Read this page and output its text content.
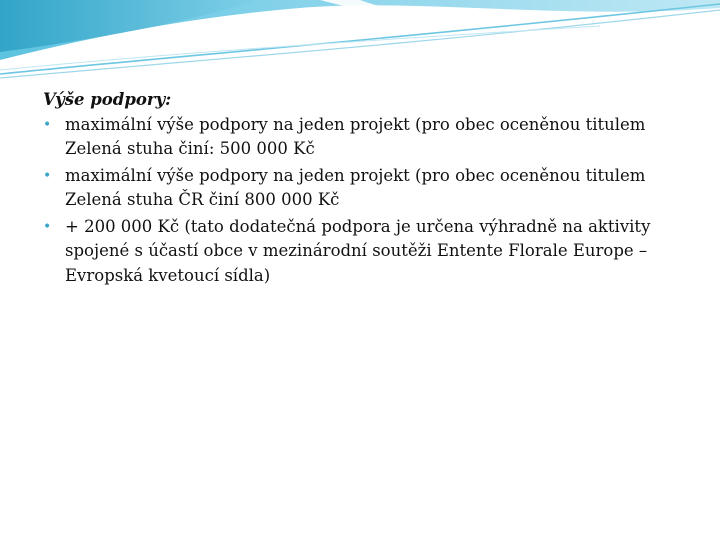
Výše podpory:

• maximální výše podpory na jeden projekt (pro obec oceněnou titulem Zelená stuha činí: 500 000 Kč
• maximální výše podpory na jeden projekt (pro obec oceněnou titulem Zelená stuha ČR činí 800 000 Kč
• + 200 000 Kč (tato dodatečná podpora je určena výhradně na aktivity spojené s účastí obce v mezinárodní soutěži Entente Florale Europe – Evropská kvetoucí sídla)
